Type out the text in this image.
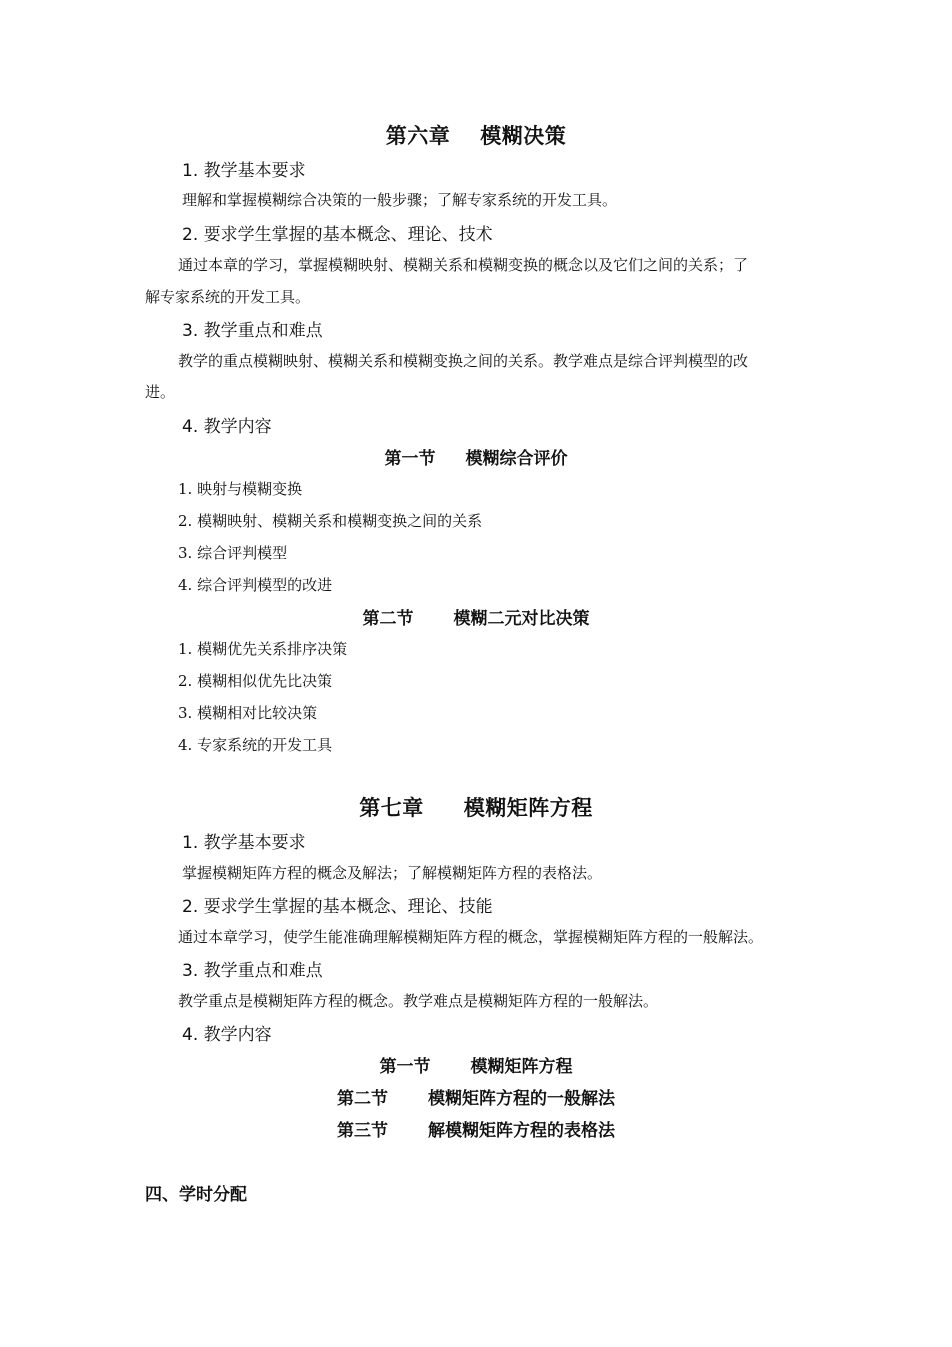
第六章 模糊决策
1. 教学基本要求
理解和掌握模糊综合决策的一般步骤；了解专家系统的开发工具。
2. 要求学生掌握的基本概念、理论、技术
通过本章的学习，掌握模糊映射、模糊关系和模糊变换的概念以及它们之间的关系；了
解专家系统的开发工具。
3. 教学重点和难点
教学的重点模糊映射、模糊关系和模糊变换之间的关系。教学难点是综合评判模型的改
进。
4. 教学内容
第一节 模糊综合评价
1. 映射与模糊变换
2. 模糊映射、模糊关系和模糊变换之间的关系
3. 综合评判模型
4. 综合评判模型的改进
第二节 模糊二元对比决策
1. 模糊优先关系排序决策
2. 模糊相似优先比决策
3. 模糊相对比较决策
4. 专家系统的开发工具
第七章 模糊矩阵方程
1. 教学基本要求
掌握模糊矩阵方程的概念及解法；了解模糊矩阵方程的表格法。
2. 要求学生掌握的基本概念、理论、技能
通过本章学习，使学生能准确理解模糊矩阵方程的概念，掌握模糊矩阵方程的一般解法。
3. 教学重点和难点
教学重点是模糊矩阵方程的概念。教学难点是模糊矩阵方程的一般解法。
4. 教学内容
第一节 模糊矩阵方程
第二节 模糊矩阵方程的一般解法
第三节 解模糊矩阵方程的表格法
四、学时分配
